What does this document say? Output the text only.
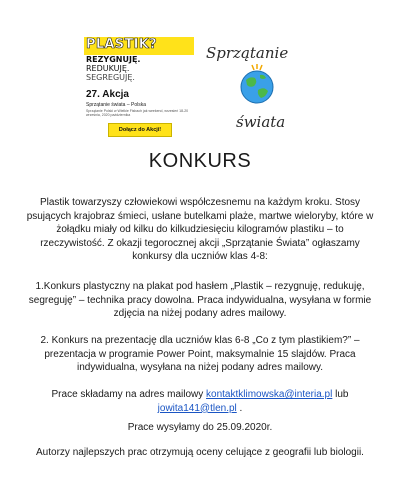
PLASTIK?
REZYGNUJĘ.
REDUKUJĘ.
SEGREGUJĘ.
27. Akcja
Sprzątanie świata – Polska
Sprzątanie Polski w Wielkie Fisbach jak weekend, wrzesień 18-20 września, 2020 października
Dołącz do Akcji!
Sprzątanie
świata
KONKURS
Plastik towarzyszy człowiekowi współczesnemu na każdym kroku. Stosy psujących krajobraz śmieci, usłane butelkami plaże, martwe wieloryby, które w żołądku miały od kilku do kilkudziesięciu kilogramów plastiku – to rzeczywistość. Z okazji tegorocznej akcji „Sprzątanie Świata” ogłaszamy konkursy dla uczniów klas 4-8:
1.Konkurs plastyczny na plakat pod hasłem „Plastik – rezygnuję, redukuję, segreguję” – technika pracy dowolna. Praca indywidualna, wysyłana w formie zdjęcia na niżej podany adres mailowy.
2. Konkurs na prezentację dla uczniów klas 6-8 „Co z tym plastikiem?” – prezentacja w programie Power Point, maksymalnie 15 slajdów. Praca indywidualna, wysyłana na niżej podany adres mailowy.
Prace składamy na adres mailowy kontaktklimowska@interia.pl lub
jowita141@tlen.pl .
Prace wysyłamy do 25.09.2020r.
Autorzy najlepszych prac otrzymują oceny celujące z geografii lub biologii.
